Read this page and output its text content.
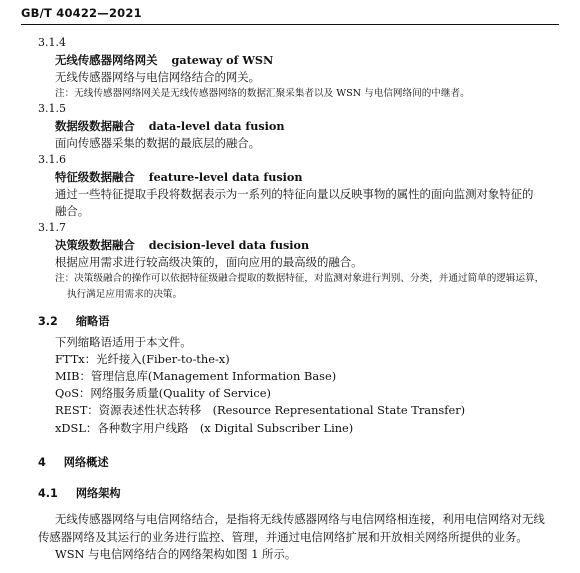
GB/T 40422—2021
3.1.4
无线传感器网络网关 gateway of WSN
无线传感器网络与电信网络结合的网关。
注：无线传感器网络网关是无线传感器网络的数据汇聚采集者以及 WSN 与电信网络间的中继者。
3.1.5
数据级数据融合 data-level data fusion
面向传感器采集的数据的最底层的融合。
3.1.6
特征级数据融合 feature-level data fusion
通过一些特征提取手段将数据表示为一系列的特征向量以反映事物的属性的面向监测对象特征的
融合。
3.1.7
决策级数据融合 decision-level data fusion
根据应用需求进行较高级决策的，面向应用的最高级的融合。
注：决策级融合的操作可以依据特征级融合提取的数据特征，对监测对象进行判别、分类，并通过简单的逻辑运算，
执行满足应用需求的决策。
3.2 缩略语
下列缩略语适用于本文件。
FTTx：光纤接入(Fiber-to-the-x)
MIB：管理信息库(Management Information Base)
QoS：网络服务质量(Quality of Service)
REST：资源表述性状态转移　(Resource Representational State Transfer)
xDSL：各种数字用户线路　(x Digital Subscriber Line)
4 网络概述
4.1 网络架构
无线传感器网络与电信网络结合，是指将无线传感器网络与电信网络相连接，利用电信网络对无线
传感器网络及其运行的业务进行监控、管理，并通过电信网络扩展和开放相关网络所提供的业务。
WSN 与电信网络结合的网络架构如图 1 所示。
